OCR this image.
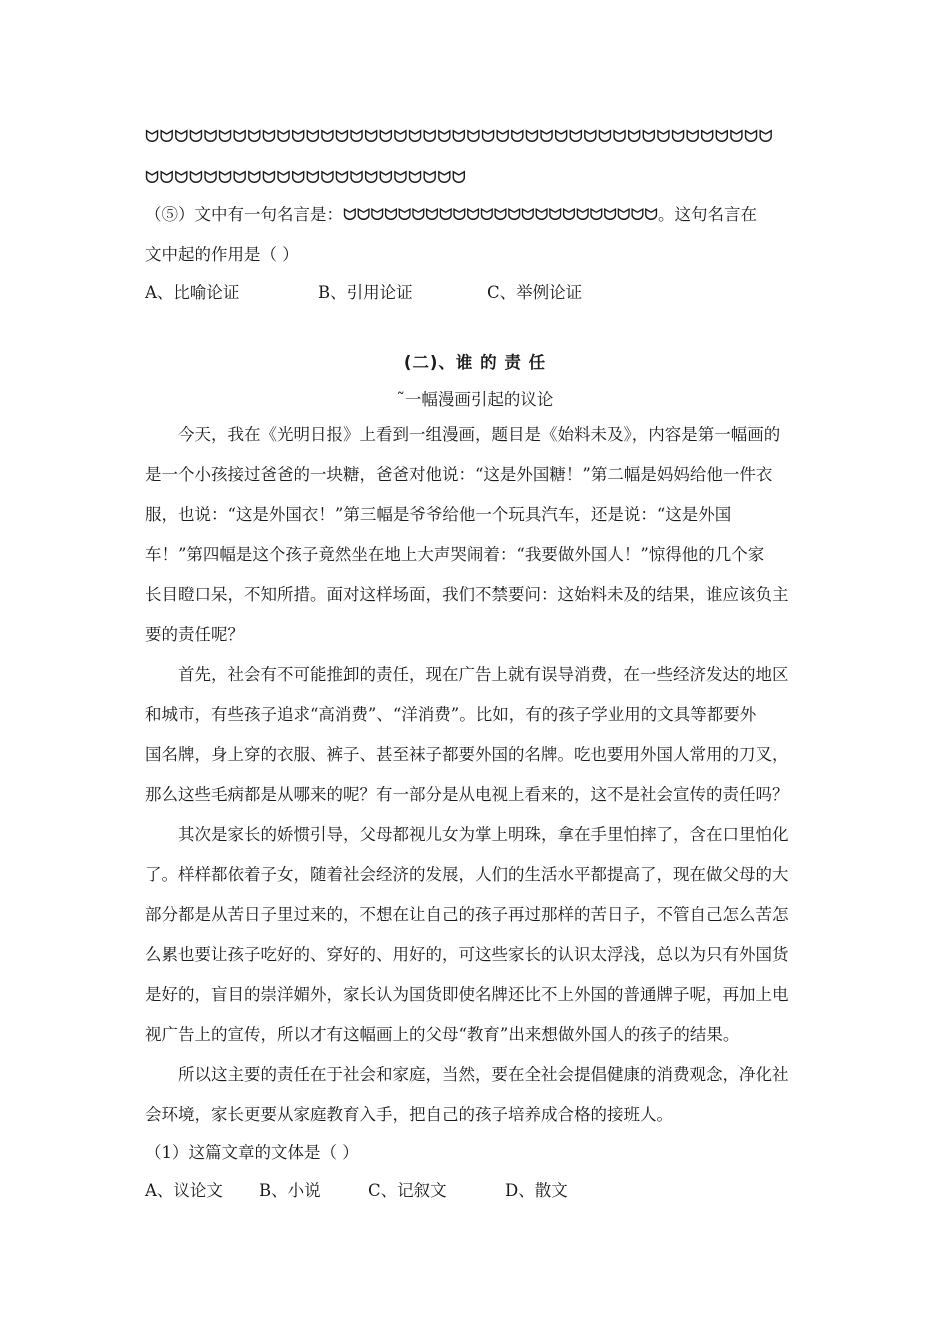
ᗢᗢᗢᗢᗢᗢᗢᗢᗢᗢᗢᗢᗢᗢᗢᗢᗢᗢᗢᗢᗢᗢᗢᗢᗢᗢᗢᗢᗢᗢᗢᗢᗢᗢᗢᗢᗢᗢᗢᗢᗢᗢᗢ
ᗢᗢᗢᗢᗢᗢᗢᗢᗢᗢᗢᗢᗢᗢᗢᗢᗢᗢᗢᗢᗢᗢ
（⑤）文中有一句名言是：ᗢᗢᗢᗢᗢᗢᗢᗢᗢᗢᗢᗢᗢᗢᗢᗢᗢᗢᗢᗢᗢᗢᗢ。这句名言在
文中起的作用是（ ）
A、比喻论证	B、引用论证	C、举例论证
(二)、谁 的 责 任
˜一幅漫画引起的议论
今天，我在《光明日报》上看到一组漫画，题目是《始料未及》，内容是第一幅画的
是一个小孩接过爸爸的一块糖，爸爸对他说：“这是外国糖！”第二幅是妈妈给他一件衣
服，也说：“这是外国衣！”第三幅是爷爷给他一个玩具汽车，还是说：“这是外国
车！”第四幅是这个孩子竟然坐在地上大声哭闹着：“我要做外国人！”惊得他的几个家
长目瞪口呆，不知所措。面对这样场面，我们不禁要问：这始料未及的结果，谁应该负主
要的责任呢？
首先，社会有不可能推卸的责任，现在广告上就有误导消费，在一些经济发达的地区
和城市，有些孩子追求“高消费”、“洋消费”。比如，有的孩子学业用的文具等都要外
国名牌，身上穿的衣服、裤子、甚至袜子都要外国的名牌。吃也要用外国人常用的刀叉，
那么这些毛病都是从哪来的呢？有一部分是从电视上看来的，这不是社会宣传的责任吗？
其次是家长的娇惯引导，父母都视儿女为掌上明珠，拿在手里怕摔了，含在口里怕化
了。样样都依着子女，随着社会经济的发展，人们的生活水平都提高了，现在做父母的大
部分都是从苦日子里过来的，不想在让自己的孩子再过那样的苦日子，不管自己怎么苦怎
么累也要让孩子吃好的、穿好的、用好的，可这些家长的认识太浮浅，总以为只有外国货
是好的，盲目的崇洋媚外，家长认为国货即使名牌还比不上外国的普通牌子呢，再加上电
视广告上的宣传，所以才有这幅画上的父母“教育”出来想做外国人的孩子的结果。
所以这主要的责任在于社会和家庭，当然，要在全社会提倡健康的消费观念，净化社
会环境，家长更要从家庭教育入手，把自己的孩子培养成合格的接班人。
（1）这篇文章的文体是（ ）
A、议论文 B、小说	C、记叙文	D、散文
